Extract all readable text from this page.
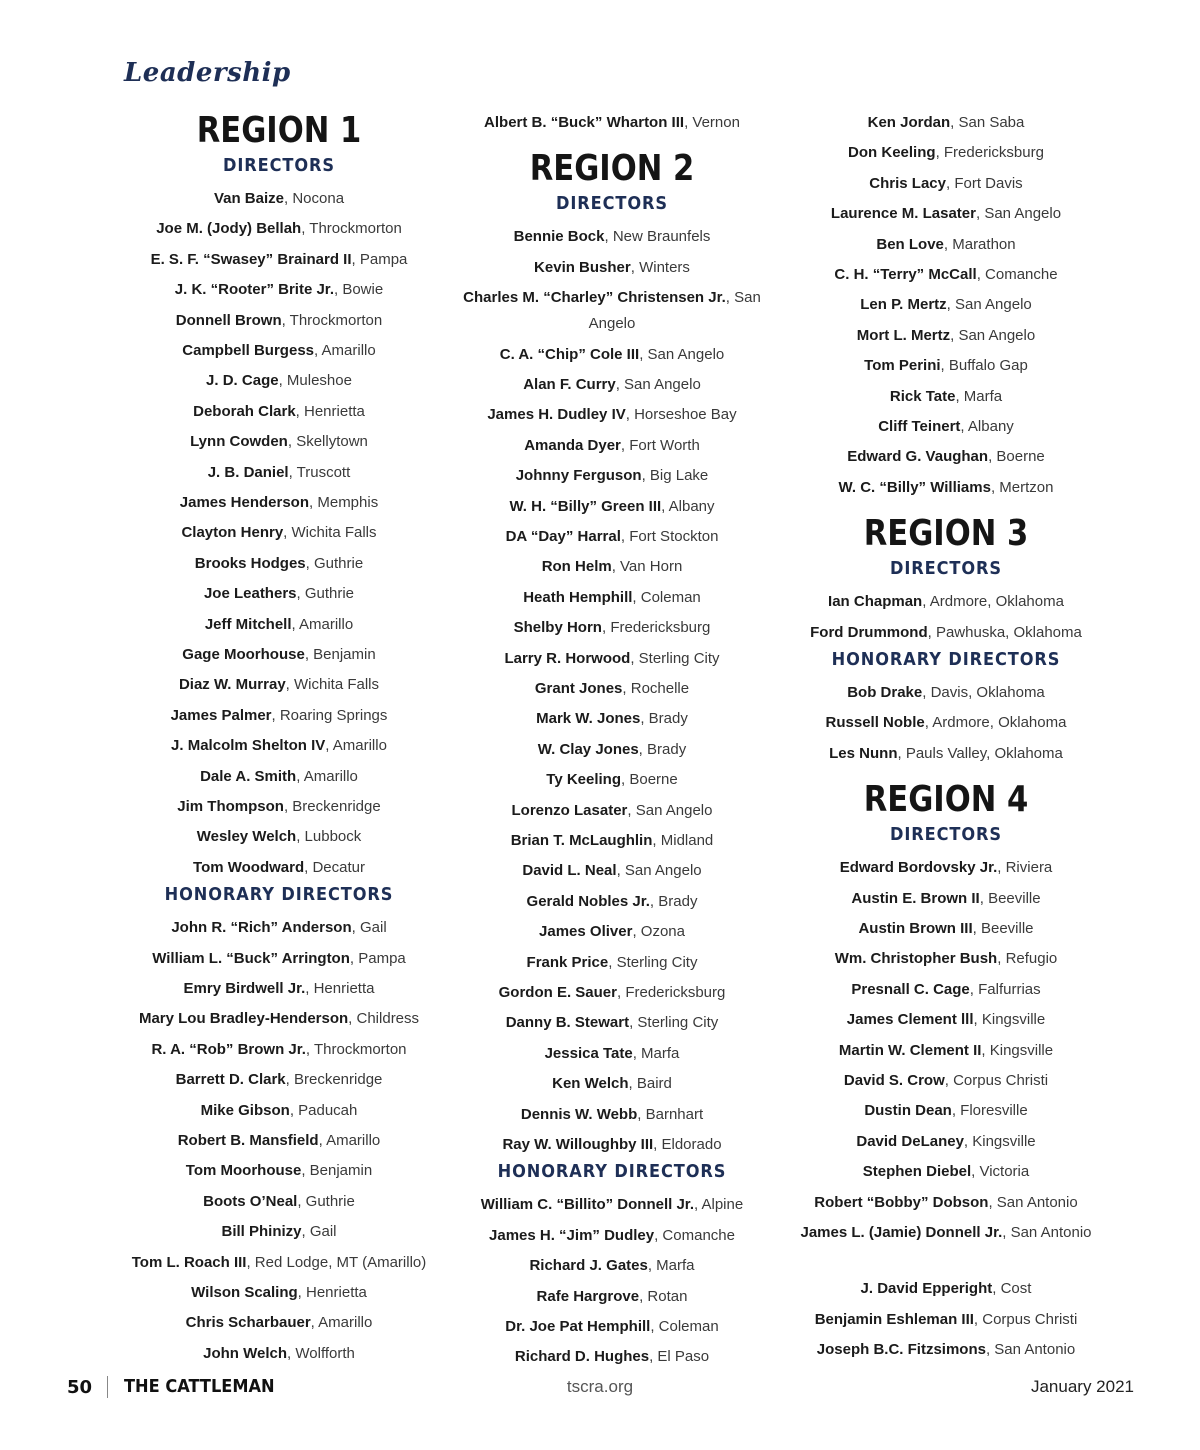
Leadership
REGION 1
DIRECTORS
Van Baize, Nocona
Joe M. (Jody) Bellah, Throckmorton
E. S. F. “Swasey” Brainard II, Pampa
J. K. “Rooter” Brite Jr., Bowie
Donnell Brown, Throckmorton
Campbell Burgess, Amarillo
J. D. Cage, Muleshoe
Deborah Clark, Henrietta
Lynn Cowden, Skellytown
J. B. Daniel, Truscott
James Henderson, Memphis
Clayton Henry, Wichita Falls
Brooks Hodges, Guthrie
Joe Leathers, Guthrie
Jeff Mitchell, Amarillo
Gage Moorhouse, Benjamin
Diaz W. Murray, Wichita Falls
James Palmer, Roaring Springs
J. Malcolm Shelton IV, Amarillo
Dale A. Smith, Amarillo
Jim Thompson, Breckenridge
Wesley Welch, Lubbock
Tom Woodward, Decatur
HONORARY DIRECTORS
John R. “Rich” Anderson, Gail
William L. “Buck” Arrington, Pampa
Emry Birdwell Jr., Henrietta
Mary Lou Bradley-Henderson, Childress
R. A. “Rob” Brown Jr., Throckmorton
Barrett D. Clark, Breckenridge
Mike Gibson, Paducah
Robert B. Mansfield, Amarillo
Tom Moorhouse, Benjamin
Boots O’Neal, Guthrie
Bill Phinizy, Gail
Tom L. Roach III, Red Lodge, MT (Amarillo)
Wilson Scaling, Henrietta
Chris Scharbauer, Amarillo
John Welch, Wolfforth
Albert B. “Buck” Wharton III, Vernon
REGION 2
DIRECTORS
Bennie Bock, New Braunfels
Kevin Busher, Winters
Charles M. “Charley” Christensen Jr., San Angelo
C. A. “Chip” Cole III, San Angelo
Alan F. Curry, San Angelo
James H. Dudley IV, Horseshoe Bay
Amanda Dyer, Fort Worth
Johnny Ferguson, Big Lake
W. H. “Billy” Green III, Albany
DA “Day” Harral, Fort Stockton
Ron Helm, Van Horn
Heath Hemphill, Coleman
Shelby Horn, Fredericksburg
Larry R. Horwood, Sterling City
Grant Jones, Rochelle
Mark W. Jones, Brady
W. Clay Jones, Brady
Ty Keeling, Boerne
Lorenzo Lasater, San Angelo
Brian T. McLaughlin, Midland
David L. Neal, San Angelo
Gerald Nobles Jr., Brady
James Oliver, Ozona
Frank Price, Sterling City
Gordon E. Sauer, Fredericksburg
Danny B. Stewart, Sterling City
Jessica Tate, Marfa
Ken Welch, Baird
Dennis W. Webb, Barnhart
Ray W. Willoughby III, Eldorado
HONORARY DIRECTORS
William C. “Billito” Donnell Jr., Alpine
James H. “Jim” Dudley, Comanche
Richard J. Gates, Marfa
Rafe Hargrove, Rotan
Dr. Joe Pat Hemphill, Coleman
Richard D. Hughes, El Paso
Ken Jordan, San Saba
Don Keeling, Fredericksburg
Chris Lacy, Fort Davis
Laurence M. Lasater, San Angelo
Ben Love, Marathon
C. H. “Terry” McCall, Comanche
Len P. Mertz, San Angelo
Mort L. Mertz, San Angelo
Tom Perini, Buffalo Gap
Rick Tate, Marfa
Cliff Teinert, Albany
Edward G. Vaughan, Boerne
W. C. “Billy” Williams, Mertzon
REGION 3
DIRECTORS
Ian Chapman, Ardmore, Oklahoma
Ford Drummond, Pawhuska, Oklahoma
HONORARY DIRECTORS
Bob Drake, Davis, Oklahoma
Russell Noble, Ardmore, Oklahoma
Les Nunn, Pauls Valley, Oklahoma
REGION 4
DIRECTORS
Edward Bordovsky Jr., Riviera
Austin E. Brown II, Beeville
Austin Brown III, Beeville
Wm. Christopher Bush, Refugio
Presnall C. Cage, Falfurrias
James Clement lll, Kingsville
Martin W. Clement II, Kingsville
David S. Crow, Corpus Christi
Dustin Dean, Floresville
David DeLaney, Kingsville
Stephen Diebel, Victoria
Robert “Bobby” Dobson, San Antonio
James L. (Jamie) Donnell Jr., San Antonio
J. David Epperight, Cost
Benjamin Eshleman III, Corpus Christi
Joseph B.C. Fitzsimons, San Antonio
50 THE CATTLEMAN	tscra.org	January 2021
